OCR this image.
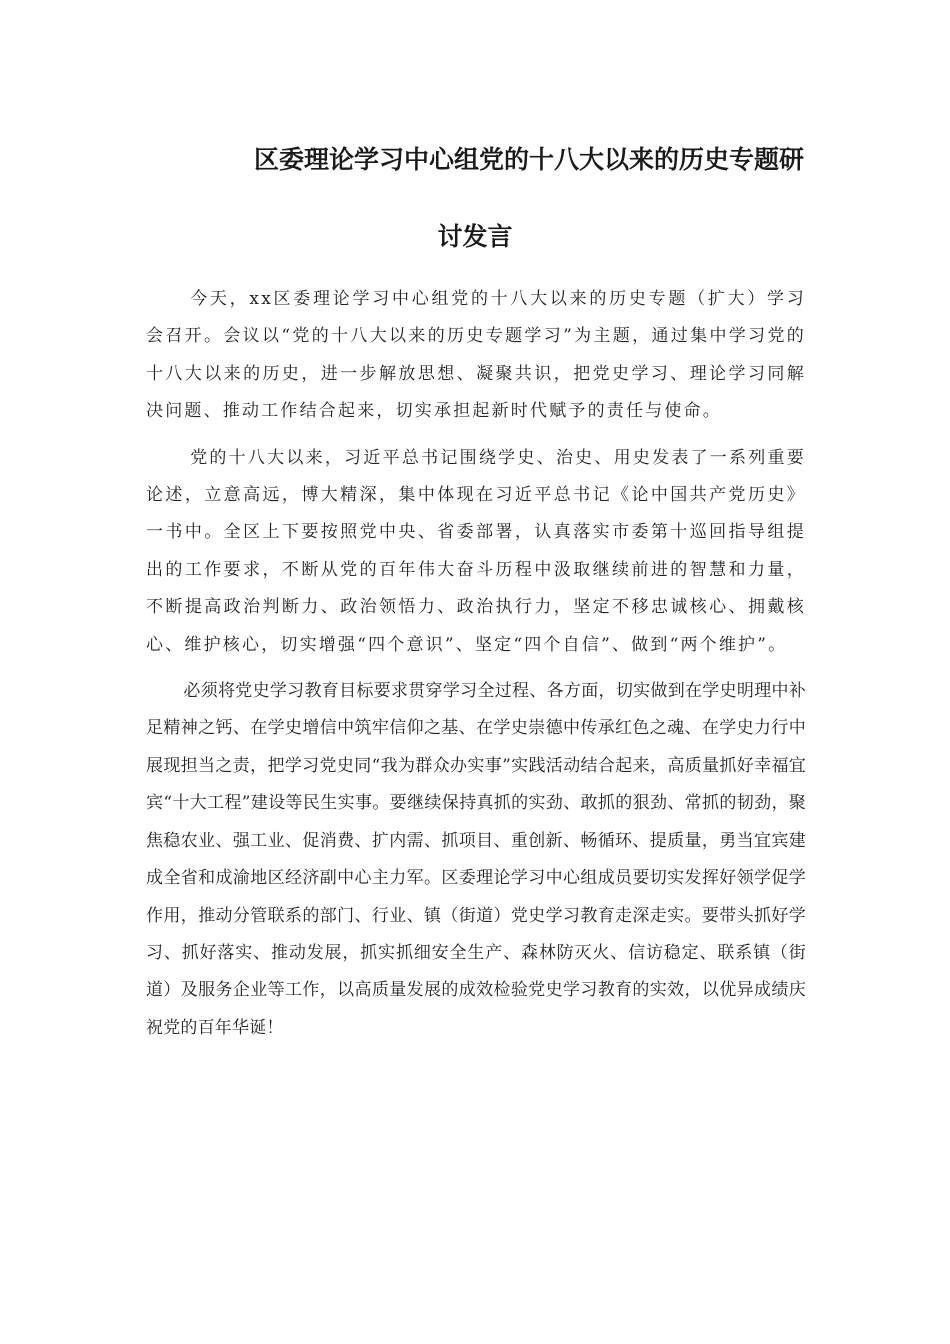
区委理论学习中心组党的十八大以来的历史专题研
讨发言

今天，xx区委理论学习中心组党的十八大以来的历史专题（扩大）学习会召开。会议以“党的十八大以来的历史专题学习”为主题，通过集中学习党的十八大以来的历史，进一步解放思想、凝聚共识，把党史学习、理论学习同解决问题、推动工作结合起来，切实承担起新时代赋予的责任与使命。

党的十八大以来，习近平总书记围绕学史、治史、用史发表了一系列重要论述，立意高远，博大精深，集中体现在习近平总书记《论中国共产党历史》一书中。全区上下要按照党中央、省委部署，认真落实市委第十巡回指导组提出的工作要求，不断从党的百年伟大奋斗历程中汲取继续前进的智慧和力量，不断提高政治判断力、政治领悟力、政治执行力，坚定不移忠诚核心、拥戴核心、维护核心，切实增强“四个意识”、坚定“四个自信”、做到“两个维护”。

必须将党史学习教育目标要求贯穿学习全过程、各方面，切实做到在学史明理中补足精神之钙、在学史增信中筑牢信仰之基、在学史崇德中传承红色之魂、在学史力行中展现担当之责，把学习党史同“我为群众办实事”实践活动结合起来，高质量抓好幸福宜宾“十大工程”建设等民生实事。要继续保持真抓的实劲、敢抓的狠劲、常抓的韧劲，聚焦稳农业、强工业、促消费、扩内需、抓项目、重创新、畅循环、提质量，勇当宜宾建成全省和成渝地区经济副中心主力军。区委理论学习中心组成员要切实发挥好领学促学作用，推动分管联系的部门、行业、镇（街道）党史学习教育走深走实。要带头抓好学习、抓好落实、推动发展，抓实抓细安全生产、森林防灭火、信访稳定、联系镇（街道）及服务企业等工作，以高质量发展的成效检验党史学习教育的实效，以优异成绩庆祝党的百年华诞！
